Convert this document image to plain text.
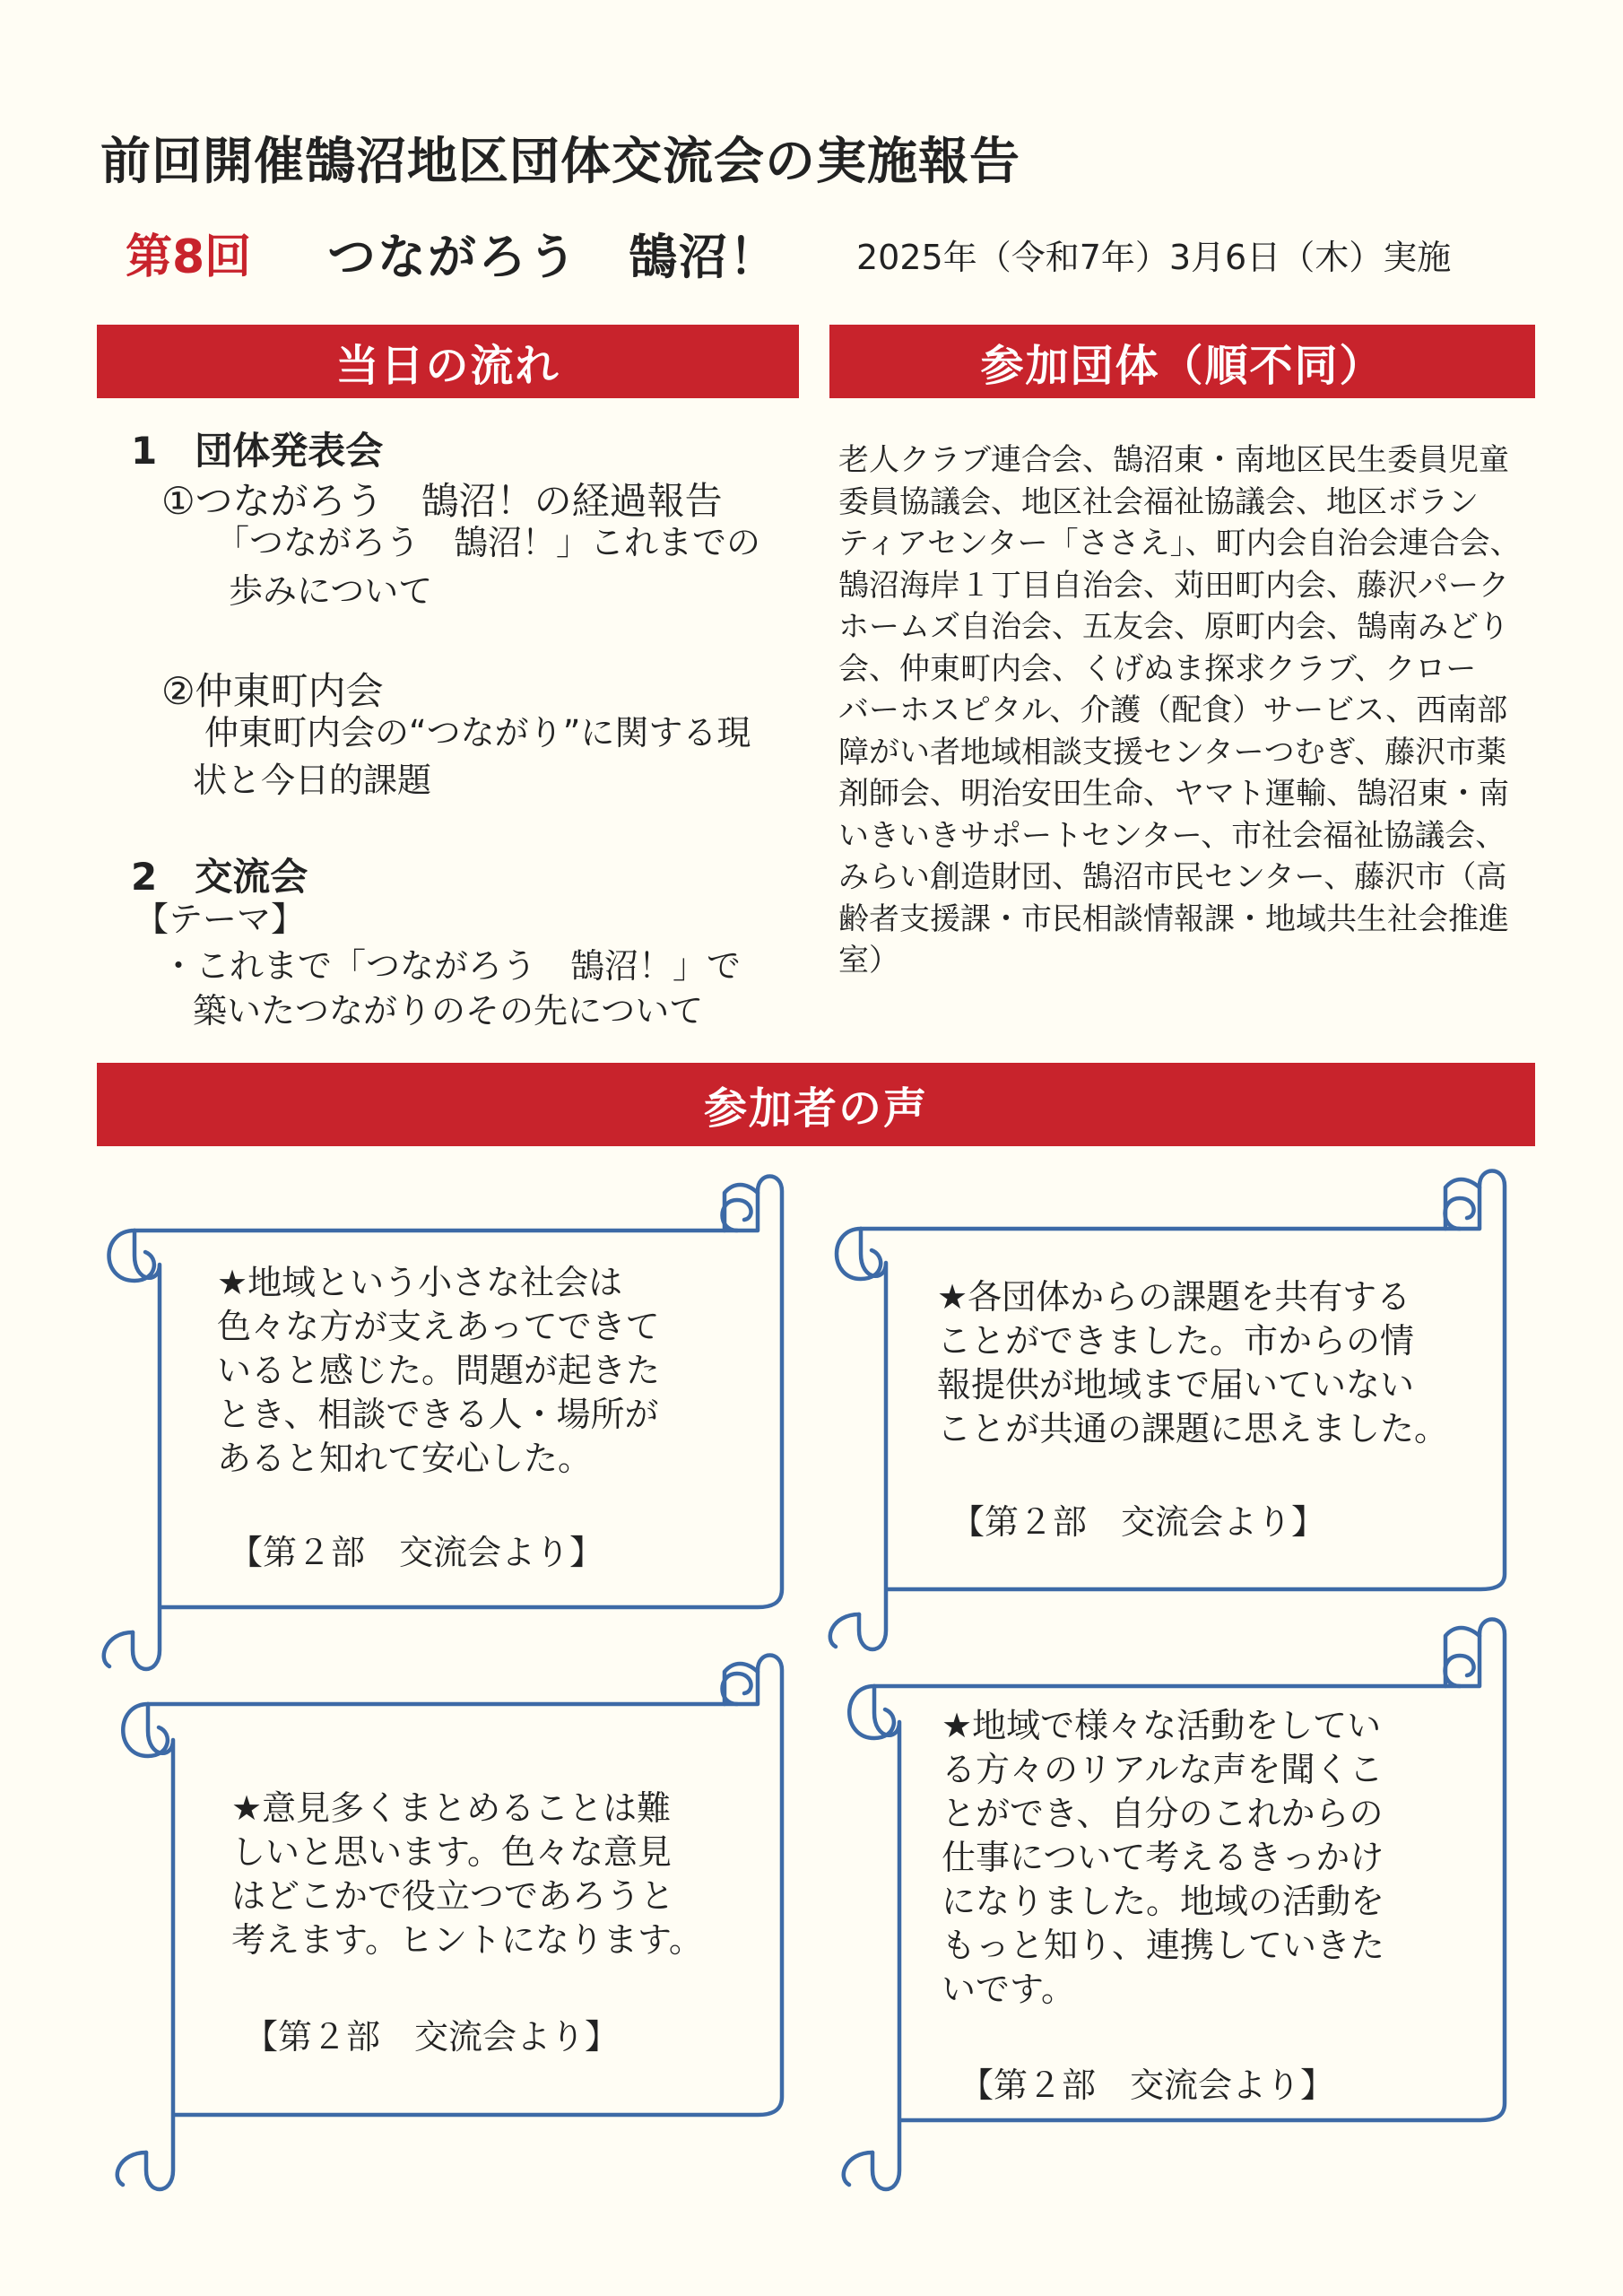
前回開催鵠沼地区団体交流会の実施報告
第8回 つながろう　鵠沼！ 2025年（令和7年）3月6日（木）実施
当日の流れ	参加団体（順不同）
1　団体発表会
①つながろう　鵠沼！の経過報告
「つながろう　鵠沼！」これまでの
歩みについて
②仲東町内会
仲東町内会の“つながり”に関する現
状と今日的課題
2　交流会
【テーマ】
・これまで「つながろう　鵠沼！」で
築いたつながりのその先について
老人クラブ連合会、鵠沼東・南地区民生委員児童
委員協議会、地区社会福祉協議会、地区ボラン
ティアセンター「ささえ」、町内会自治会連合会、
鵠沼海岸１丁目自治会、苅田町内会、藤沢パーク
ホームズ自治会、五友会、原町内会、鵠南みどり
会、仲東町内会、くげぬま探求クラブ、クロー
バーホスピタル、介護（配食）サービス、西南部
障がい者地域相談支援センターつむぎ、藤沢市薬
剤師会、明治安田生命、ヤマト運輸、鵠沼東・南
いきいきサポートセンター、市社会福祉協議会、
みらい創造財団、鵠沼市民センター、藤沢市（高
齢者支援課・市民相談情報課・地域共生社会推進
室）
参加者の声
★地域という小さな社会は
色々な方が支えあってできて
いると感じた。問題が起きた
とき、相談できる人・場所が
あると知れて安心した。
【第２部　交流会より】
★各団体からの課題を共有する
ことができました。市からの情
報提供が地域まで届いていない
ことが共通の課題に思えました。
【第２部　交流会より】
★意見多くまとめることは難
しいと思います。色々な意見
はどこかで役立つであろうと
考えます。ヒントになります。
【第２部　交流会より】
★地域で様々な活動をしてい
る方々のリアルな声を聞くこ
とができ、自分のこれからの
仕事について考えるきっかけ
になりました。地域の活動を
もっと知り、連携していきた
いです。
【第２部　交流会より】
